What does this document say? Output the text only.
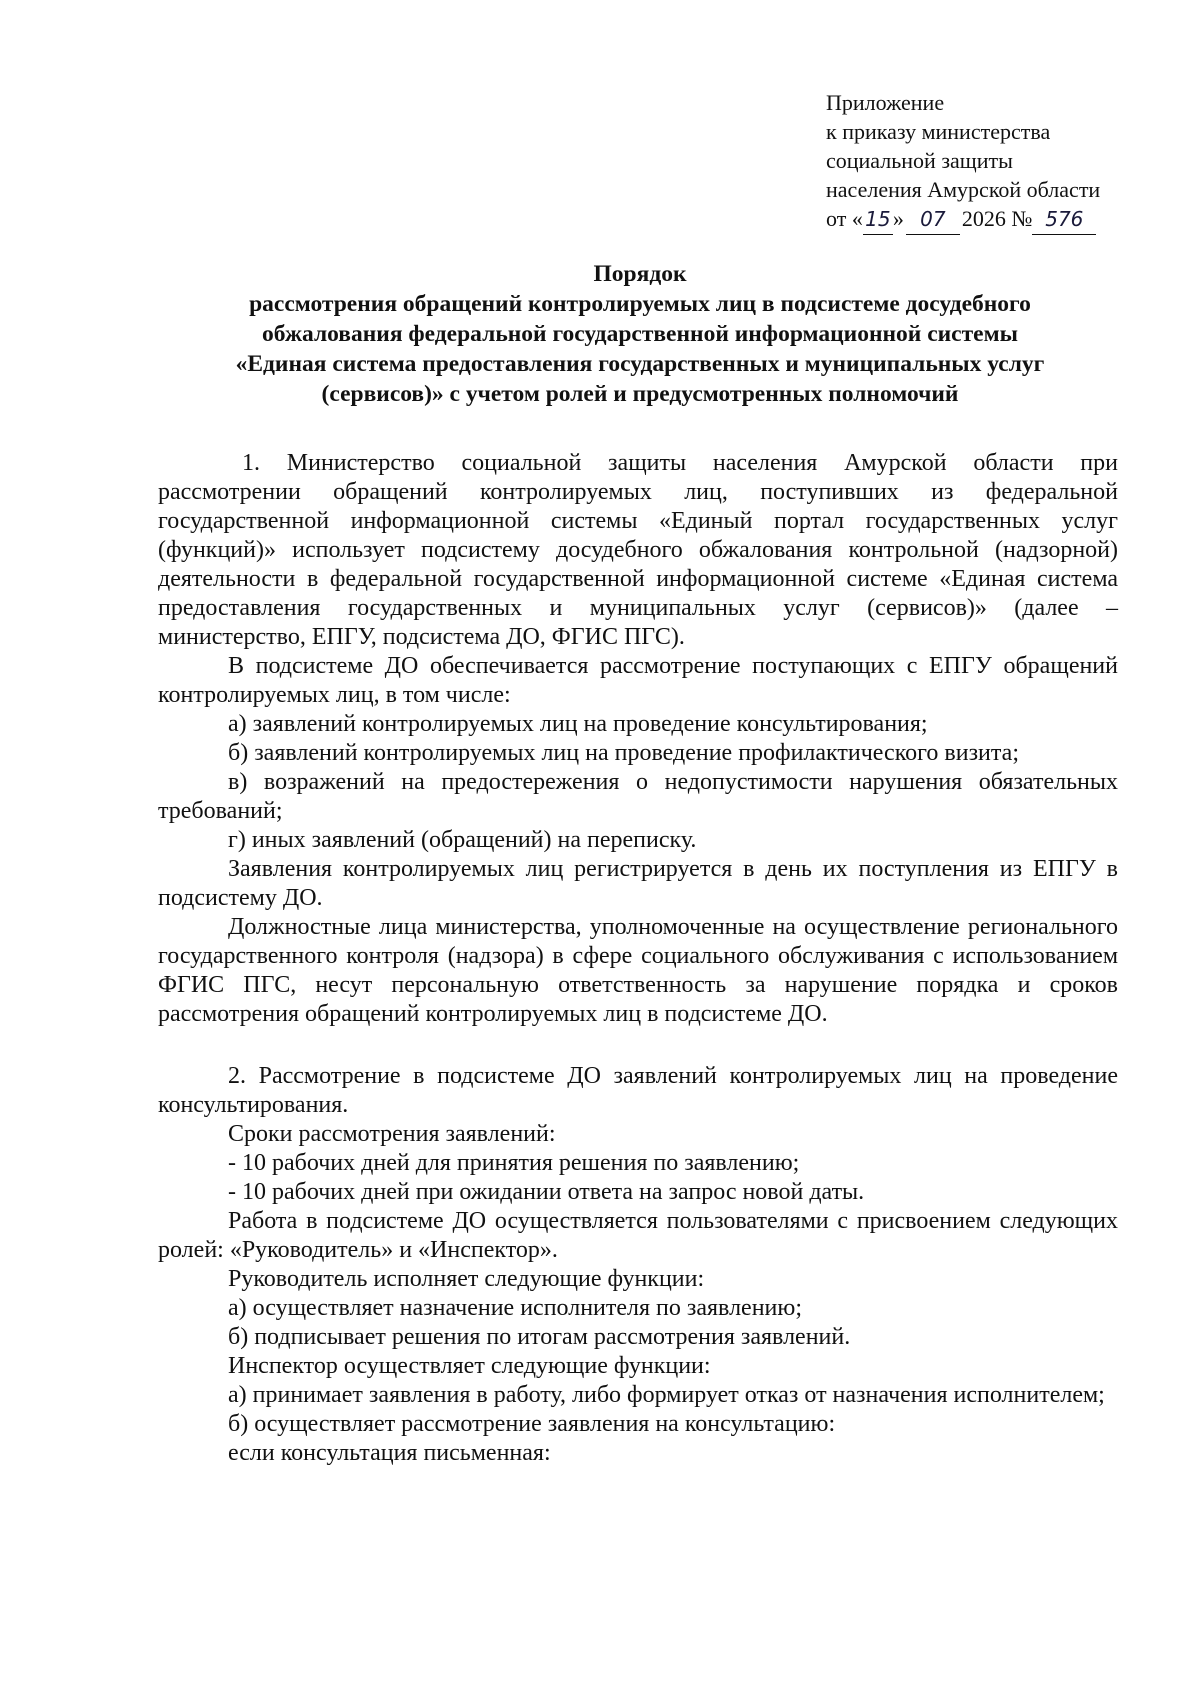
Приложение
к приказу министерства
социальной защиты
населения Амурской области
от « 15 » 07 2026 № 576
Порядок
рассмотрения обращений контролируемых лиц в подсистеме досудебного
обжалования федеральной государственной информационной системы
«Единая система предоставления государственных и муниципальных услуг
(сервисов)» с учетом ролей и предусмотренных полномочий

1. Министерство социальной защиты населения Амурской области при рассмотрении обращений контролируемых лиц, поступивших из федеральной государственной информационной системы «Единый портал государственных услуг (функций)» использует подсистему досудебного обжалования контрольной (надзорной) деятельности в федеральной государственной информационной системе «Единая система предоставления государственных и муниципальных услуг (сервисов)» (далее – министерство, ЕПГУ, подсистема ДО, ФГИС ПГС).

В подсистеме ДО обеспечивается рассмотрение поступающих с ЕПГУ обращений контролируемых лиц, в том числе:

а) заявлений контролируемых лиц на проведение консультирования;

б) заявлений контролируемых лиц на проведение профилактического визита;

в) возражений на предостережения о недопустимости нарушения обязательных требований;

г) иных заявлений (обращений) на переписку.

Заявления контролируемых лиц регистрируется в день их поступления из ЕПГУ в подсистему ДО.

Должностные лица министерства, уполномоченные на осуществление регионального государственного контроля (надзора) в сфере социального обслуживания с использованием ФГИС ПГС, несут персональную ответственность за нарушение порядка и сроков рассмотрения обращений контролируемых лиц в подсистеме ДО.

2. Рассмотрение в подсистеме ДО заявлений контролируемых лиц на проведение консультирования.

Сроки рассмотрения заявлений:

- 10 рабочих дней для принятия решения по заявлению;

- 10 рабочих дней при ожидании ответа на запрос новой даты.

Работа в подсистеме ДО осуществляется пользователями с присвоением следующих ролей: «Руководитель» и «Инспектор».

Руководитель исполняет следующие функции:

а) осуществляет назначение исполнителя по заявлению;

б) подписывает решения по итогам рассмотрения заявлений.

Инспектор осуществляет следующие функции:

а) принимает заявления в работу, либо формирует отказ от назначения исполнителем;

б) осуществляет рассмотрение заявления на консультацию:

если консультация письменная:
